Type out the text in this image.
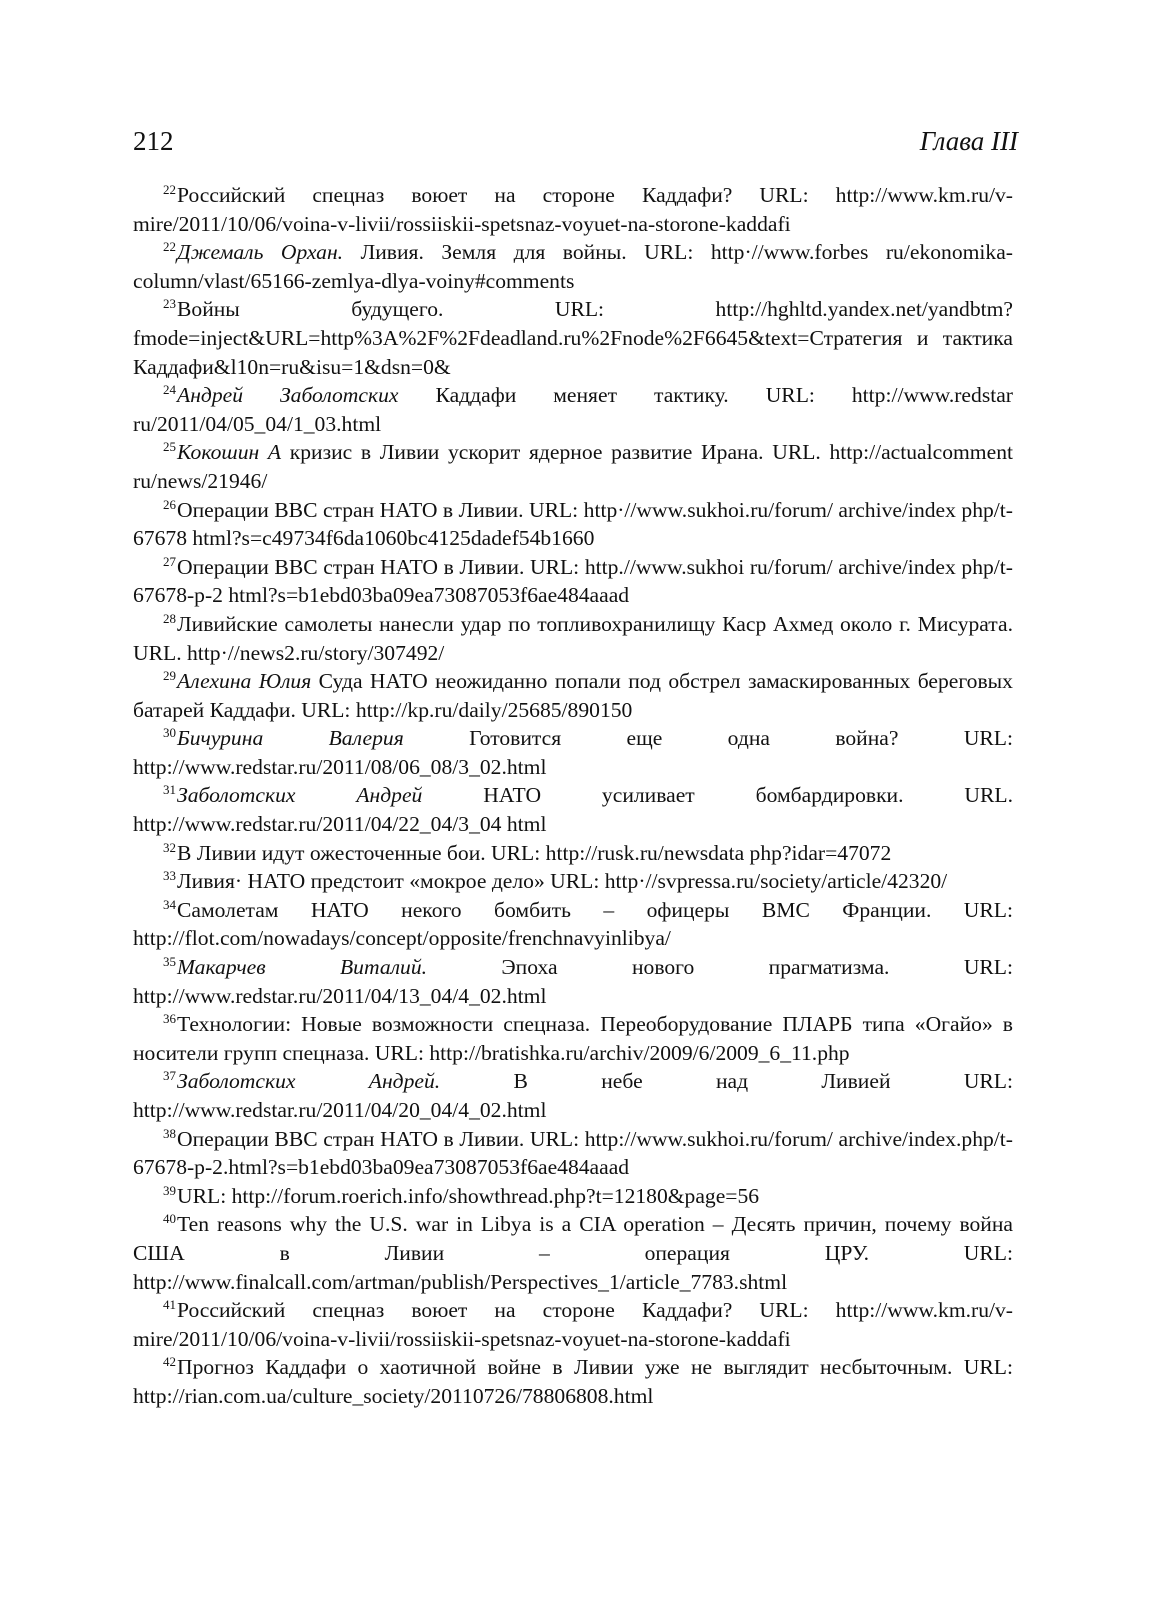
212	Глава III

$^{22}$Российский спецназ воюет на стороне Каддафи? URL: http://www.km.ru/v-mire/2011/10/06/voina-v-livii/rossiiskii-spetsnaz-voyuet-na-storone-kaddafi

$^{22}$Джемаль Орхан. Ливия. Земля для войны. URL: http·//www.forbes ru/ekonomika-column/vlast/65166-zemlya-dlya-voiny#comments

$^{23}$Войны будущего. URL: http://hghltd.yandex.net/yandbtm?fmode=inject&URL=http%3A%2F%2Fdeadland.ru%2Fnode%2F6645&text=Стратегия и тактика Каддафи&l10n=ru&isu=1&dsn=0&

$^{24}$Андрей Заболотских Каддафи меняет тактику. URL: http://www.redstar ru/2011/04/05_04/1_03.html

$^{25}$Кокошин А кризис в Ливии ускорит ядерное развитие Ирана. URL. http://actualcomment ru/news/21946/

$^{26}$Операции ВВС стран НАТО в Ливии. URL: http·//www.sukhoi.ru/forum/ archive/index php/t-67678 html?s=c49734f6da1060bc4125dadef54b1660

$^{27}$Операции ВВС стран НАТО в Ливии. URL: http.//www.sukhoi ru/forum/ archive/index php/t-67678-p-2 html?s=b1ebd03ba09ea73087053f6ae484aaad

$^{28}$Ливийские самолеты нанесли удар по топливохранилищу Каср Ахмед около г. Мисурата. URL. http·//news2.ru/story/307492/

$^{29}$Алехина Юлия Суда НАТО неожиданно попали под обстрел замаскированных береговых батарей Каддафи. URL: http://kp.ru/daily/25685/890150

$^{30}$Бичурина Валерия Готовится еще одна война? URL: http://www.redstar.ru/2011/08/06_08/3_02.html

$^{31}$Заболотских Андрей НАТО усиливает бомбардировки. URL. http://www.redstar.ru/2011/04/22_04/3_04 html

$^{32}$В Ливии идут ожесточенные бои. URL: http://rusk.ru/newsdata php?idar=47072

$^{33}$Ливия· НАТО предстоит «мокрое дело» URL: http·//svpressa.ru/society/article/42320/

$^{34}$Самолетам НАТО некого бомбить – офицеры ВМС Франции. URL: http://flot.com/nowadays/concept/opposite/frenchnavyinlibya/

$^{35}$Макарчев Виталий. Эпоха нового прагматизма. URL: http://www.redstar.ru/2011/04/13_04/4_02.html

$^{36}$Технологии: Новые возможности спецназа. Переоборудование ПЛАРБ типа «Огайо» в носители групп спецназа. URL: http://bratishka.ru/archiv/2009/6/2009_6_11.php

$^{37}$Заболотских Андрей. В небе над Ливией URL: http://www.redstar.ru/2011/04/20_04/4_02.html

$^{38}$Операции ВВС стран НАТО в Ливии. URL: http://www.sukhoi.ru/forum/ archive/index.php/t-67678-p-2.html?s=b1ebd03ba09ea73087053f6ae484aaad

$^{39}$URL: http://forum.roerich.info/showthread.php?t=12180&page=56

$^{40}$Ten reasons why the U.S. war in Libya is a CIA operation – Десять причин, почему война США в Ливии – операция ЦРУ. URL: http://www.finalcall.com/artman/publish/Perspectives_1/article_7783.shtml

$^{41}$Российский спецназ воюет на стороне Каддафи? URL: http://www.km.ru/v-mire/2011/10/06/voina-v-livii/rossiiskii-spetsnaz-voyuet-na-storone-kaddafi

$^{42}$Прогноз Каддафи о хаотичной войне в Ливии уже не выглядит несбыточным. URL: http://rian.com.ua/culture_society/20110726/78806808.html
